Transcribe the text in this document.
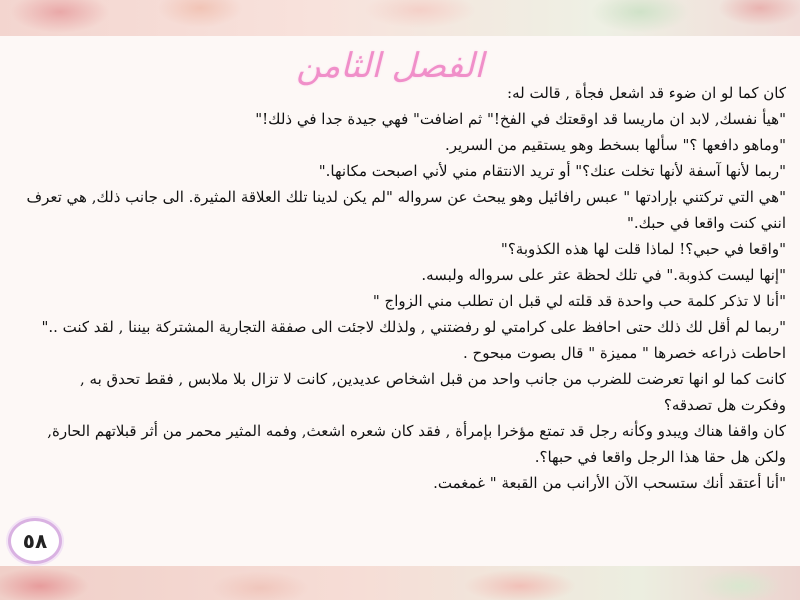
الفصل الثامن
كان كما لو ان ضوء قد اشعل فجأة , قالت له:
"هيأ نفسك, لابد ان ماريسا قد اوقعتك في الفخ!" ثم اضافت" فهي جيدة جدا في ذلك!"
"وماهو دافعها ؟" سألها بسخط وهو يستقيم من السرير.
"ربما لأنها آسفة لأنها تخلت عنك؟" أو تريد الانتقام مني لأني اصبحت مكانها."
"هي التي تركتني بإرادتها " عبس رافائيل وهو يبحث عن سرواله "لم يكن لدينا تلك العلاقة المثيرة. الى جانب ذلك, هي تعرف
انني كنت واقعا في حبك."
"واقعا في حبي؟! لماذا قلت لها هذه الكذوبة؟"
"إنها ليست كذوبة." في تلك لحظة عثر على سرواله ولبسه.
"أنا لا تذكر كلمة حب واحدة قد قلته لي قبل ان تطلب مني الزواج "
"ربما لم أقل لك ذلك حتى احافظ على كرامتي لو رفضتني , ولذلك لاجئت الى صفقة التجارية المشتركة بيننا , لقد كنت .."
احاطت ذراعه خصرها " مميزة " قال بصوت مبحوح .
كانت كما لو انها تعرضت للضرب من جانب واحد من قبل اشخاص عديدين, كانت لا تزال بلا ملابس , فقط تحدق به ,
وفكرت هل تصدقه؟
كان واقفا هناك ويبدو وكأنه رجل قد تمتع مؤخرا بإمرأة , فقد كان شعره اشعث, وفمه المثير محمر من أثر قبلاتهم الحارة,
ولكن هل حقا هذا الرجل واقعا في حبها؟.
"أنا أعتقد أنك ستسحب الآن الأرانب من القبعة " غمغمت.
٥٨
